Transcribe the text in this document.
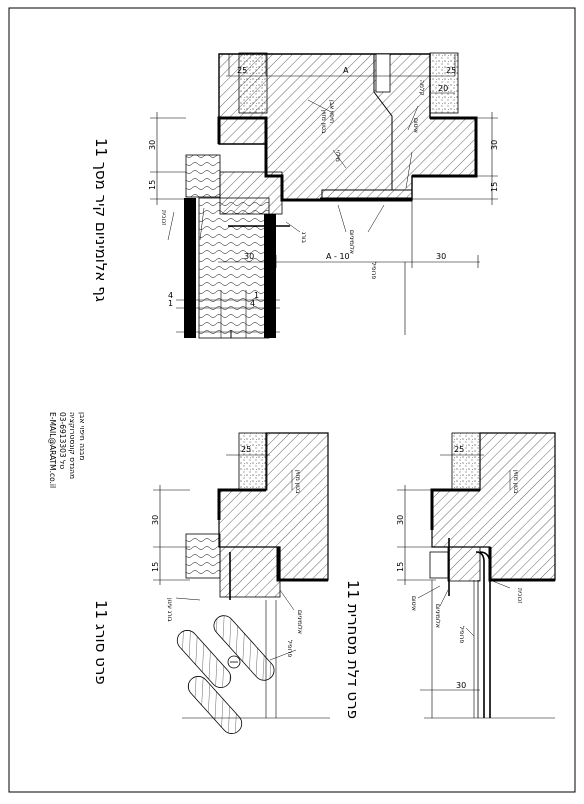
25	A	25
20
30	30
15	15
30	A - 10	30
4
1	4
1
חיפוי אבן
בטון מזוין
מילוי
קלמה
איטום
אלומיניום
בורג
פרופיל
זכוכית
25
30
15
בטון מזוין
אלומיניום
בורג עיגון
פרופיל
25
30
15
30
בטון מזוין
איטום
אלומיניום
פרופיל
זכוכית
11 גף אלומיניום קיר מסך
11 פרט סורג
11 פרט דלת מסחרית
מבנה חיפוי אבן
מהנדס קונסטרוקציה
טל 03-6913303
E-MAIL@ARATM.co.il
